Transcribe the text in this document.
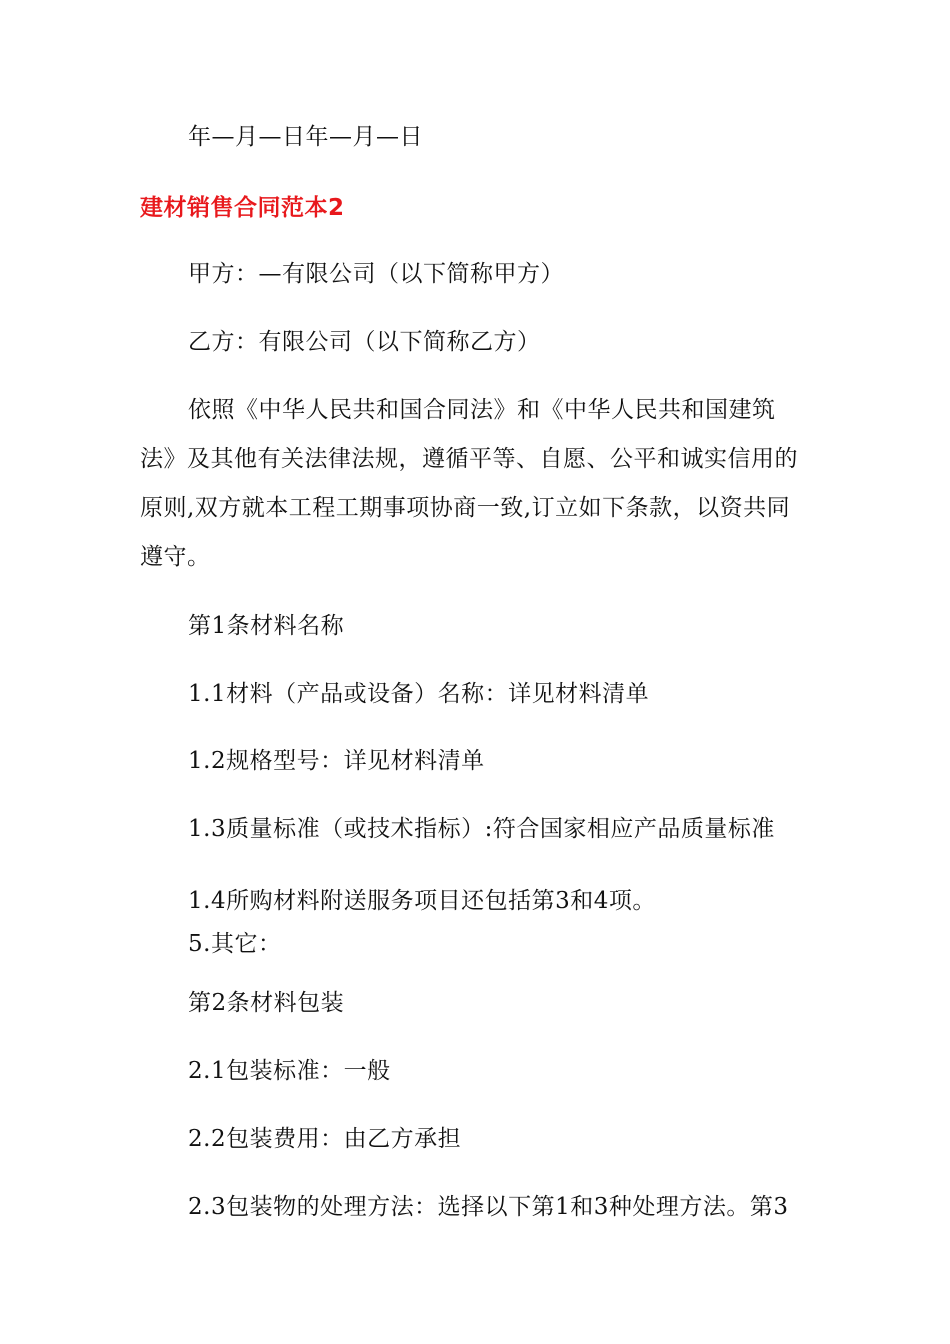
年—月—日年—月—日
建材销售合同范本2
甲方：—有限公司（以下简称甲方）
乙方：有限公司（以下简称乙方）
依照《中华人民共和国合同法》和《中华人民共和国建筑
法》及其他有关法律法规，遵循平等、自愿、公平和诚实信用的
原则,双方就本工程工期事项协商一致,订立如下条款，以资共同
遵守。
第1条材料名称
1.1材料（产品或设备）名称：详见材料清单
1.2规格型号：详见材料清单
1.3质量标准（或技术指标）:符合国家相应产品质量标准
1.4所购材料附送服务项目还包括第3和4项。
5.其它：
第2条材料包装
2.1包装标准：一般
2.2包装费用：由乙方承担
2.3包装物的处理方法：选择以下第1和3种处理方法。第3
